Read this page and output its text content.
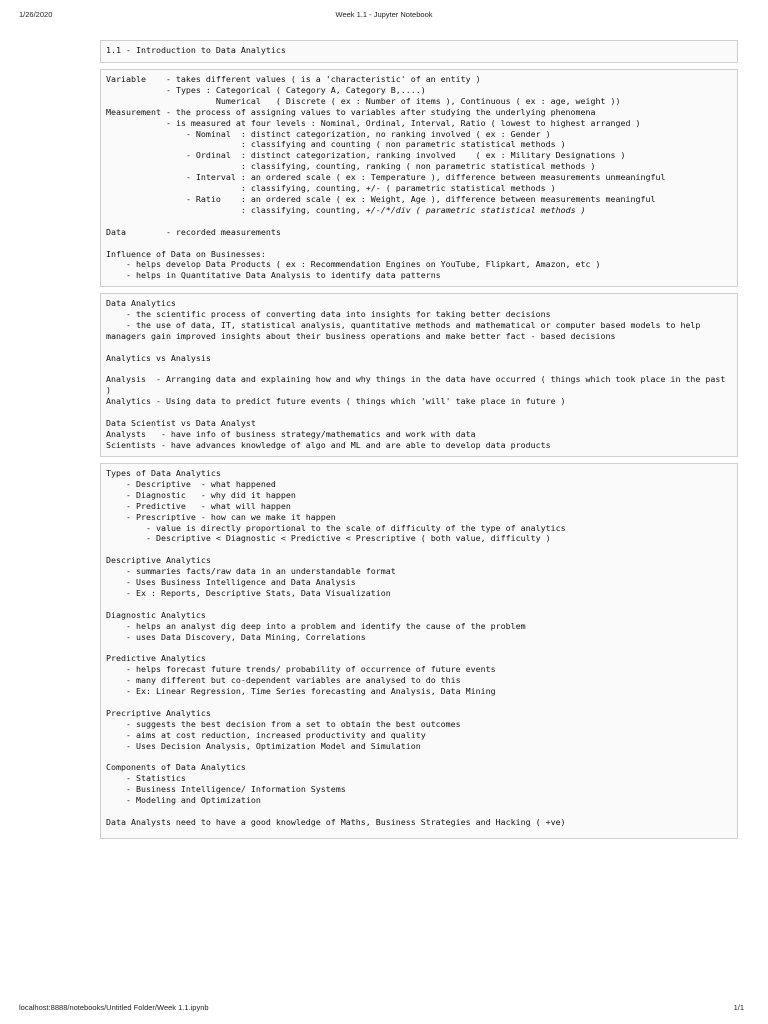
1/26/2020	Week 1.1 - Jupyter Notebook
1.1 - Introduction to Data Analytics
Variable    - takes different values ( is a 'characteristic' of an entity )
- Types : Categorical ( Category A, Category B,....)
Numerical   ( Discrete ( ex : Number of items ), Continuous ( ex : age, weight ))
Measurement - the process of assigning values to variables after studying the underlying phenomena
- is measured at four levels : Nominal, Ordinal, Interval, Ratio ( lowest to highest arranged )
- Nominal  : distinct categorization, no ranking involved ( ex : Gender )
: classifying and counting ( non parametric statistical methods )
- Ordinal  : distinct categorization, ranking involved    ( ex : Military Designations )
: classifying, counting, ranking ( non parametric statistical methods )
- Interval : an ordered scale ( ex : Temperature ), difference between measurements unmeaningful
: classifying, counting, +/- ( parametric statistical methods )
- Ratio    : an ordered scale ( ex : Weight, Age ), difference between measurements meaningful
: classifying, counting, +/-/*/div ( parametric statistical methods )

Data        - recorded measurements

Influence of Data on Businesses:
- helps develop Data Products ( ex : Recommendation Engines on YouTube, Flipkart, Amazon, etc )
- helps in Quantitative Data Analysis to identify data patterns
Data Analytics
- the scientific process of converting data into insights for taking better decisions
- the use of data, IT, statistical analysis, quantitative methods and mathematical or computer based models to help managers gain improved insights about their business operations and make better fact - based decisions

Analytics vs Analysis

Analysis  - Arranging data and explaining how and why things in the data have occurred ( things which took place in the past )
Analytics - Using data to predict future events ( things which 'will' take place in future )

Data Scientist vs Data Analyst
Analysts   - have info of business strategy/mathematics and work with data
Scientists - have advances knowledge of algo and ML and are able to develop data products
Types of Data Analytics
- Descriptive  - what happened
- Diagnostic   - why did it happen
- Predictive   - what will happen
- Prescriptive - how can we make it happen
- value is directly proportional to the scale of difficulty of the type of analytics
- Descriptive < Diagnostic < Predictive < Prescriptive ( both value, difficulty )

Descriptive Analytics
- summaries facts/raw data in an understandable format
- Uses Business Intelligence and Data Analysis
- Ex : Reports, Descriptive Stats, Data Visualization

Diagnostic Analytics
- helps an analyst dig deep into a problem and identify the cause of the problem
- uses Data Discovery, Data Mining, Correlations

Predictive Analytics
- helps forecast future trends/ probability of occurrence of future events
- many different but co-dependent variables are analysed to do this
- Ex: Linear Regression, Time Series forecasting and Analysis, Data Mining

Precriptive Analytics
- suggests the best decision from a set to obtain the best outcomes
- aims at cost reduction, increased productivity and quality
- Uses Decision Analysis, Optimization Model and Simulation

Components of Data Analytics
- Statistics
- Business Intelligence/ Information Systems
- Modeling and Optimization

Data Analysts need to have a good knowledge of Maths, Business Strategies and Hacking ( +ve)
localhost:8888/notebooks/Untitled Folder/Week 1.1.ipynb	1/1
